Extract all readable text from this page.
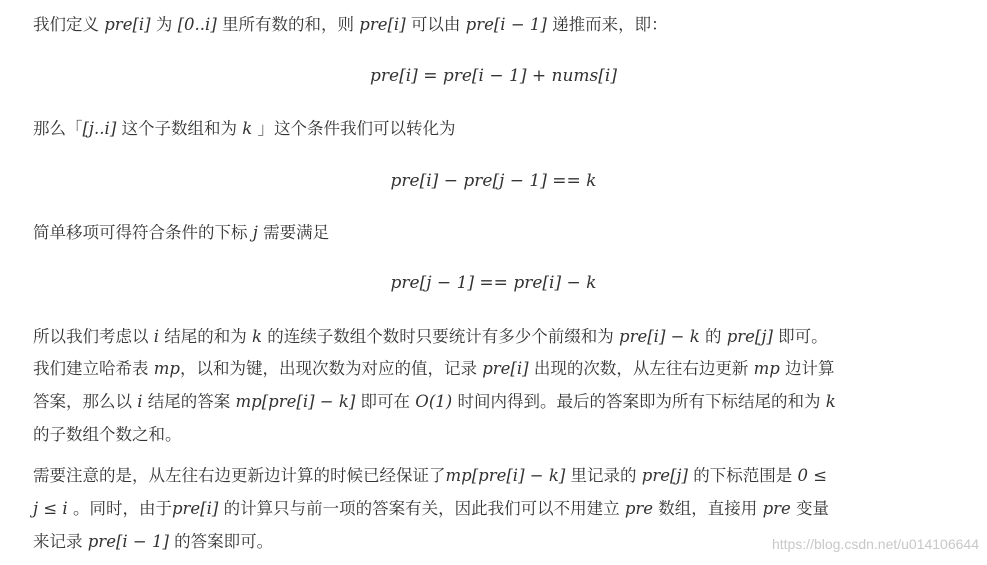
我们定义 pre[i] 为 [0..i] 里所有数的和，则 pre[i] 可以由 pre[i − 1] 递推而来，即：

pre[i] = pre[i − 1] + nums[i]

那么「[j..i] 这个子数组和为 k 」这个条件我们可以转化为

pre[i] − pre[j − 1] == k

简单移项可得符合条件的下标 j 需要满足

pre[j − 1] == pre[i] − k

所以我们考虑以 i 结尾的和为 k 的连续子数组个数时只要统计有多少个前缀和为 pre[i] − k 的 pre[j] 即可。

我们建立哈希表 mp，以和为键，出现次数为对应的值，记录 pre[i] 出现的次数，从左往右边更新 mp 边计算

答案，那么以 i 结尾的答案 mp[pre[i] − k] 即可在 O(1) 时间内得到。最后的答案即为所有下标结尾的和为 k

的子数组个数之和。

需要注意的是，从左往右边更新边计算的时候已经保证了mp[pre[i] − k] 里记录的 pre[j] 的下标范围是 0 ≤

j ≤ i 。同时，由于pre[i] 的计算只与前一项的答案有关，因此我们可以不用建立 pre 数组，直接用 pre 变量

来记录 pre[i − 1] 的答案即可。	https://blog.csdn.net/u014106644
